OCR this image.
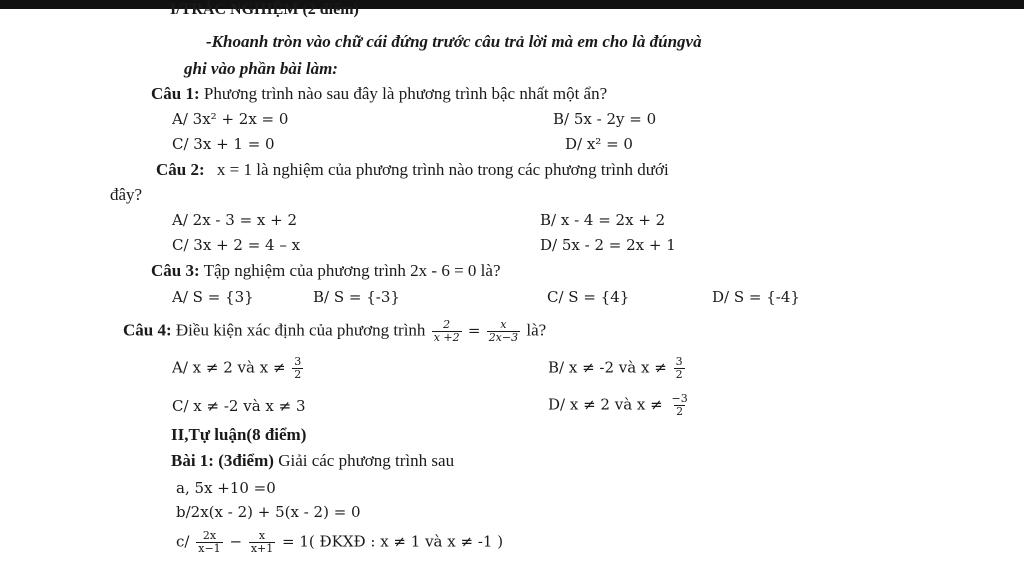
I/TRẮC NGHIỆM (2 điểm)
-Khoanh tròn vào chữ cái đứng trước câu trả lời mà em cho là đúngvà
ghi vào phần bài làm:
Câu 1: Phương trình nào sau đây là phương trình bậc nhất một ẩn?
A/ 3x² + 2x = 0	B/ 5x - 2y = 0
C/ 3x + 1 = 0	D/ x² = 0
Câu 2: x = 1 là nghiệm của phương trình nào trong các phương trình dưới
đây?
A/ 2x - 3 = x + 2	B/ x - 4 = 2x + 2
C/ 3x + 2 = 4 – x	D/ 5x - 2 = 2x + 1
Câu 3: Tập nghiệm của phương trình 2x - 6 = 0 là?
A/ S = {3}	B/ S = {-3}	C/ S = {4}	D/ S = {-4}
Câu 4: Điều kiện xác định của phương trình $\frac{2}{x +2} = \frac{x}{2x-3}$ là?
A/ x ≠ 2 và $x \ne \frac{3}{2}$	B/ x ≠ -2 và $x \ne \frac{3}{2}$
C/ x ≠ -2 và x ≠ 3	D/ x ≠ 2 và $x \ne \frac{-3}{2}$
II,Tự luận(8 điểm)
Bài 1: (3điểm) Giải các phương trình sau
a, 5x +10 =0
b/2x(x - 2) + 5(x - 2) = 0
$c/ \frac{2x}{x-1} - \frac{x}{x+1} = 1$( ĐKXĐ : x ≠ 1 và x ≠ -1 )
